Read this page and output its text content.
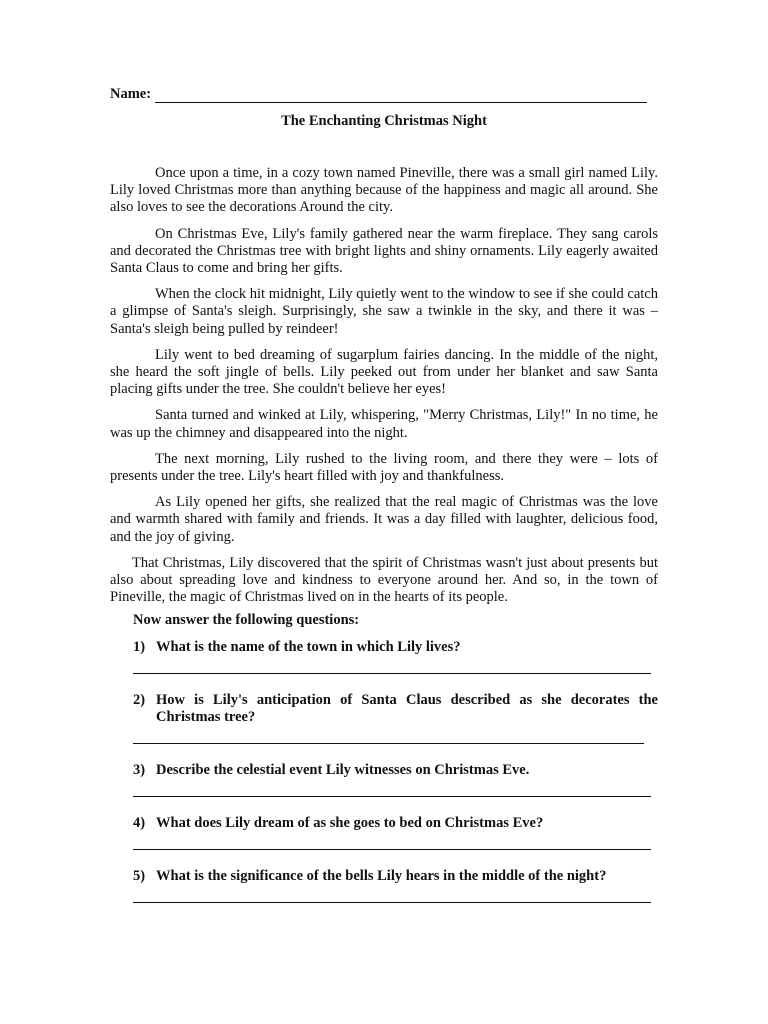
Name:
The Enchanting Christmas Night

Once upon a time, in a cozy town named Pineville, there was a small girl named Lily. Lily loved Christmas more than anything because of the happiness and magic all around. She also loves to see the decorations Around the city.

On Christmas Eve, Lily's family gathered near the warm fireplace. They sang carols and decorated the Christmas tree with bright lights and shiny ornaments. Lily eagerly awaited Santa Claus to come and bring her gifts.

When the clock hit midnight, Lily quietly went to the window to see if she could catch a glimpse of Santa's sleigh. Surprisingly, she saw a twinkle in the sky, and there it was – Santa's sleigh being pulled by reindeer!

Lily went to bed dreaming of sugarplum fairies dancing. In the middle of the night, she heard the soft jingle of bells. Lily peeked out from under her blanket and saw Santa placing gifts under the tree. She couldn't believe her eyes!

Santa turned and winked at Lily, whispering, "Merry Christmas, Lily!" In no time, he was up the chimney and disappeared into the night.

The next morning, Lily rushed to the living room, and there they were – lots of presents under the tree. Lily's heart filled with joy and thankfulness.

As Lily opened her gifts, she realized that the real magic of Christmas was the love and warmth shared with family and friends. It was a day filled with laughter, delicious food, and the joy of giving.

That Christmas, Lily discovered that the spirit of Christmas wasn't just about presents but also about spreading love and kindness to everyone around her. And so, in the town of Pineville, the magic of Christmas lived on in the hearts of its people.

Now answer the following questions:
1) What is the name of the town in which Lily lives?
2) How is Lily's anticipation of Santa Claus described as she decorates the Christmas tree?
3) Describe the celestial event Lily witnesses on Christmas Eve.
4) What does Lily dream of as she goes to bed on Christmas Eve?
5) What is the significance of the bells Lily hears in the middle of the night?
